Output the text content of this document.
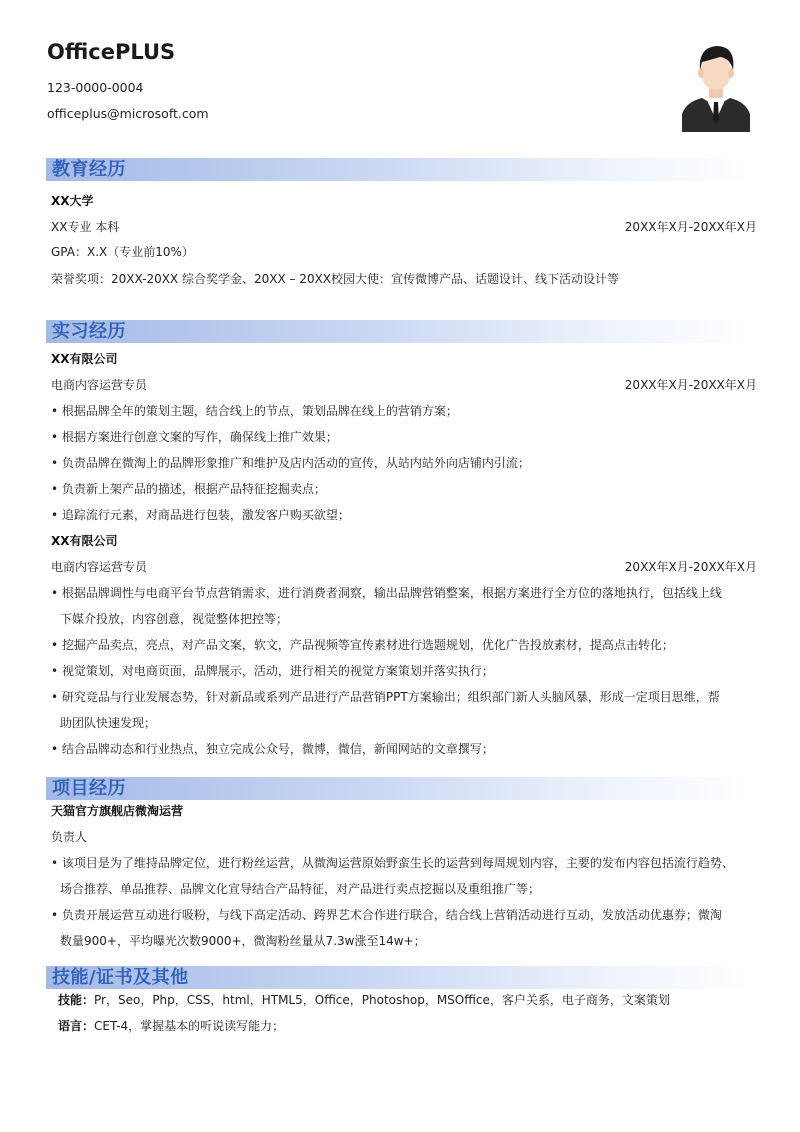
OfficePLUS
123-0000-0004
officeplus@microsoft.com
教育经历
XX大学
XX专业 本科	20XX年X月-20XX年X月
GPA：X.X（专业前10%）
荣誉奖项：20XX-20XX 综合奖学金、20XX – 20XX校园大使：宣传微博产品、话题设计、线下活动设计等
实习经历
XX有限公司
电商内容运营专员	20XX年X月-20XX年X月
• 根据品牌全年的策划主题，结合线上的节点，策划品牌在线上的营销方案；
• 根据方案进行创意文案的写作，确保线上推广效果；
• 负责品牌在微淘上的品牌形象推广和维护及店内活动的宣传，从站内站外向店铺内引流；
• 负责新上架产品的描述，根据产品特征挖掘卖点；
• 追踪流行元素，对商品进行包装，激发客户购买欲望；
XX有限公司
电商内容运营专员	20XX年X月-20XX年X月
• 根据品牌调性与电商平台节点营销需求，进行消费者洞察，输出品牌营销整案，根据方案进行全方位的落地执行，包括线上线
下媒介投放，内容创意，视觉整体把控等；
• 挖掘产品卖点，亮点，对产品文案，软文，产品视频等宣传素材进行选题规划，优化广告投放素材，提高点击转化；
• 视觉策划，对电商页面，品牌展示，活动，进行相关的视觉方案策划并落实执行；
• 研究竞品与行业发展态势，针对新品或系列产品进行产品营销PPT方案输出；组织部门新人头脑风暴，形成一定项目思维，帮
助团队快速发现；
• 结合品牌动态和行业热点，独立完成公众号，微博，微信，新闻网站的文章撰写；
项目经历
天猫官方旗舰店微淘运营
负责人
• 该项目是为了维持品牌定位，进行粉丝运营，从微淘运营原始野蛮生长的运营到每周规划内容，主要的发布内容包括流行趋势、
场合推荐、单品推荐、品牌文化宣导结合产品特征，对产品进行卖点挖掘以及重组推广等；
• 负责开展运营互动进行吸粉，与线下高定活动、跨界艺术合作进行联合，结合线上营销活动进行互动，发放活动优惠券；微淘
数量900+，平均曝光次数9000+，微淘粉丝量从7.3w涨至14w+；
技能/证书及其他
技能：Pr，Seo，Php，CSS，html，HTML5，Office，Photoshop，MSOffice，客户关系，电子商务，文案策划
语言：CET-4，掌握基本的听说读写能力；
